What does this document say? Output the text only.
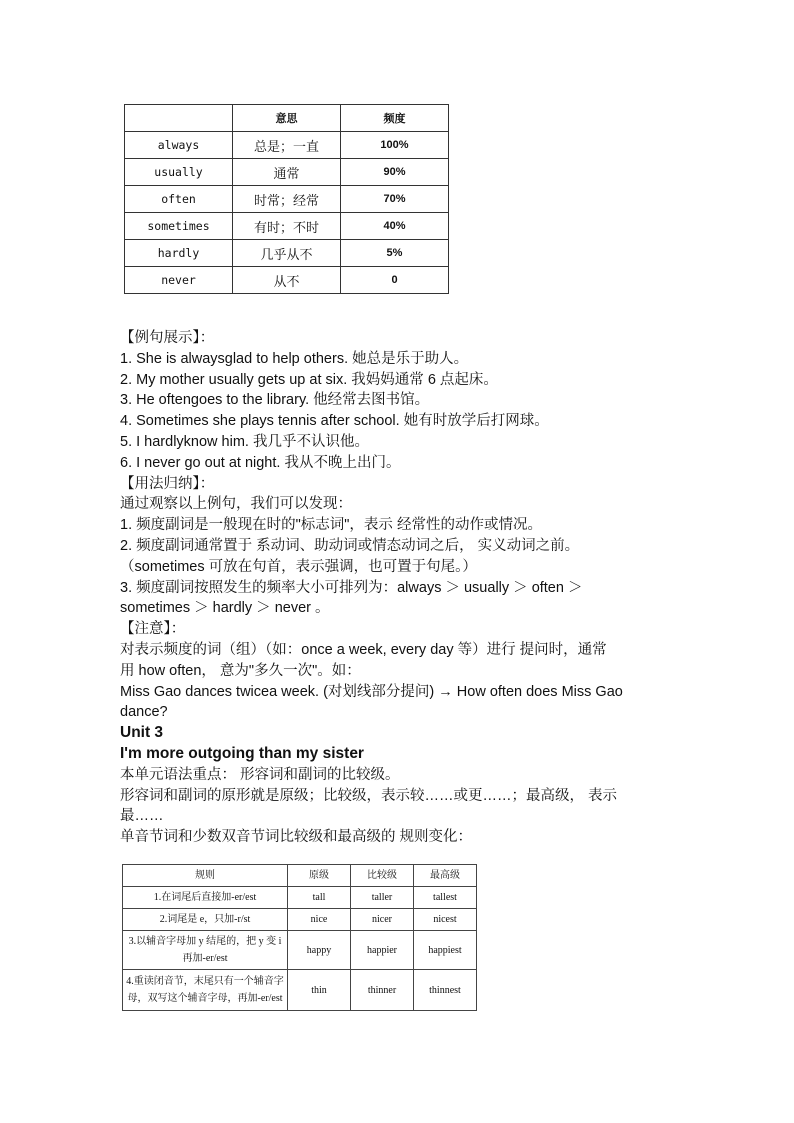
	意思	频度
always	总是；一直	100%
usually	通常	90%
often	时常；经常	70%
sometimes	有时；不时	40%
hardly	几乎从不	5%
never	从不	0
【例句展示】：
1. She is alwaysglad to help others. 她总是乐于助人。
2. My mother usually gets up at six. 我妈妈通常 6 点起床。
3. He oftengoes to the library. 他经常去图书馆。
4. Sometimes she plays tennis after school. 她有时放学后打网球。
5. I hardlyknow him. 我几乎不认识他。
6. I never go out at night. 我从不晚上出门。
【用法归纳】：
通过观察以上例句，我们可以发现：
1. 频度副词是一般现在时的"标志词"，表示 经常性的动作或情况。
2. 频度副词通常置于 系动词、助动词或情态动词之后， 实义动词之前。
（sometimes 可放在句首，表示强调，也可置于句尾。）
3. 频度副词按照发生的频率大小可排列为：always ＞ usually ＞ often ＞
sometimes ＞ hardly ＞ never 。
【注意】：
对表示频度的词（组）（如：once a week, every day 等）进行 提问时，通常
用 how often， 意为"多久一次"。如：
Miss Gao dances twicea week. (对划线部分提问) → How often does Miss Gao
dance?
Unit 3
I'm more outgoing than my sister
本单元语法重点： 形容词和副词的比较级。
形容词和副词的原形就是原级；比较级，表示较……或更……；最高级， 表示
最……
单音节词和少数双音节词比较级和最高级的 规则变化：
规则	原级	比较级	最高级
1.在词尾后直接加-er/est	tall	taller	tallest
2.词尾是 e，只加-r/st	nice	nicer	nicest
3.以辅音字母加 y 结尾的，把 y 变 i 再加-er/est	happy	happier	happiest
4.重读闭音节，末尾只有一个辅音字母，双写这个辅音字母，再加-er/est	thin	thinner	thinnest
